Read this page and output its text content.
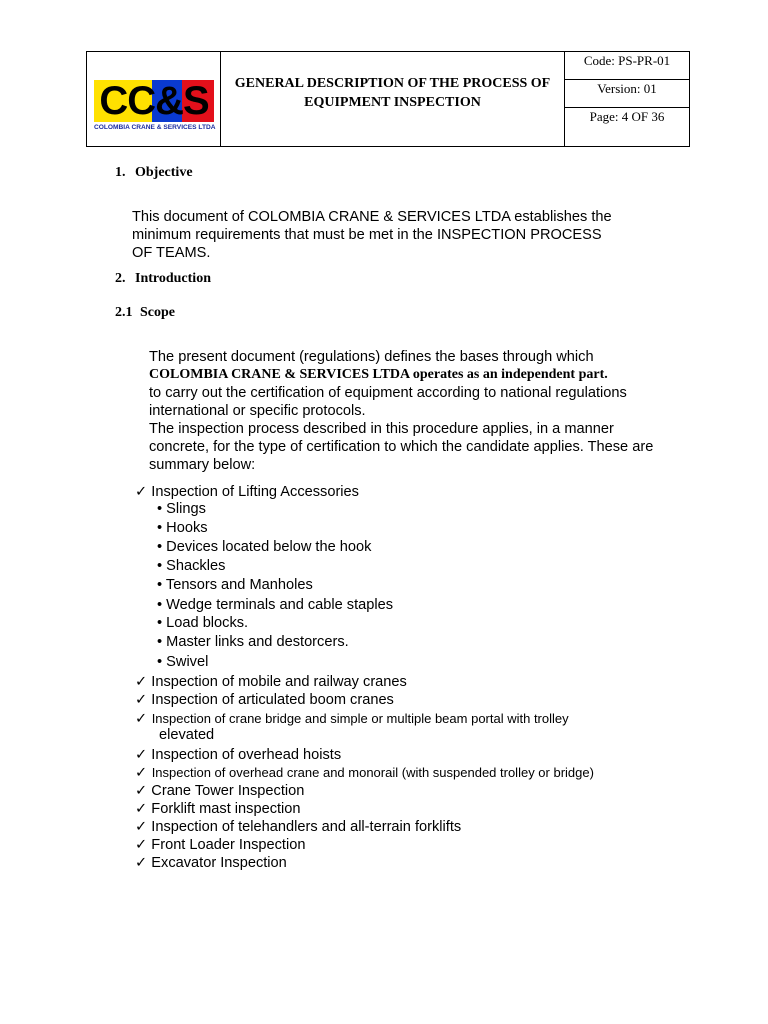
CC&S
COLOMBIA CRANE & SERVICES LTDA
GENERAL DESCRIPTION OF THE PROCESS OF
EQUIPMENT INSPECTION
Code: PS-PR-01
Version: 01
Page: 4 OF 36
1. Objective
This document of COLOMBIA CRANE & SERVICES LTDA establishes the
minimum requirements that must be met in the INSPECTION PROCESS
OF TEAMS.
2. Introduction
2.1 Scope
The present document (regulations) defines the bases through which
COLOMBIA CRANE & SERVICES LTDA operates as an independent part.
to carry out the certification of equipment according to national regulations
international or specific protocols.
The inspection process described in this procedure applies, in a manner
concrete, for the type of certification to which the candidate applies. These are
summary below:
✓ Inspection of Lifting Accessories
• Slings
• Hooks
• Devices located below the hook
• Shackles
• Tensors and Manholes
• Wedge terminals and cable staples
• Load blocks.
• Master links and destorcers.
• Swivel
✓ Inspection of mobile and railway cranes
✓ Inspection of articulated boom cranes
✓ Inspection of crane bridge and simple or multiple beam portal with trolley
elevated
✓ Inspection of overhead hoists
✓ Inspection of overhead crane and monorail (with suspended trolley or bridge)
✓ Crane Tower Inspection
✓ Forklift mast inspection
✓ Inspection of telehandlers and all-terrain forklifts
✓ Front Loader Inspection
✓ Excavator Inspection
